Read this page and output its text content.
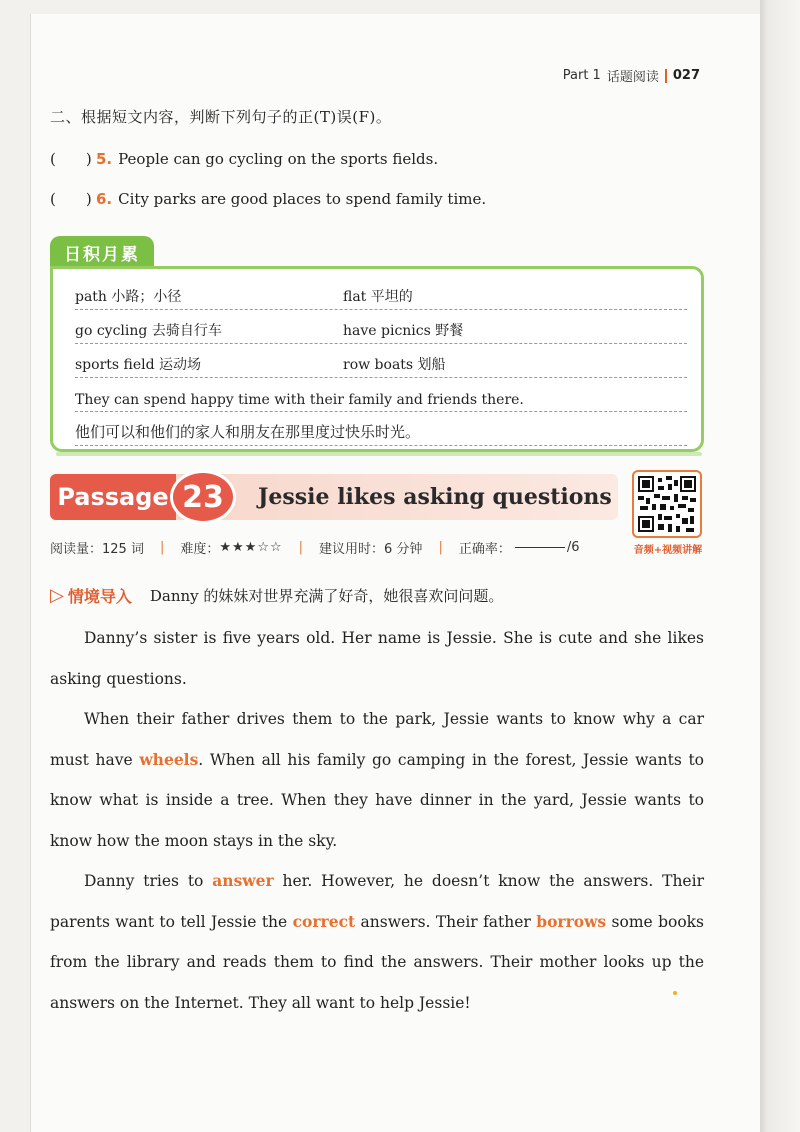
Part 1 话题阅读 027
二、根据短文内容，判断下列句子的正(T)误(F)。
(　　) 5. People can go cycling on the sports fields.
(　　) 6. City parks are good places to spend family time.
日积月累
path 小路；小径	flat 平坦的
go cycling 去骑自行车	have picnics 野餐
sports field 运动场	row boats 划船
They can spend happy time with their family and friends there.
他们可以和他们的家人和朋友在那里度过快乐时光。
Passage 23	Jessie likes asking questions
音频+视频讲解
阅读量：125 词 | 难度： ★★★☆☆ | 建议用时：6 分钟 | 正确率：	/6
▷ 情境导入 Danny 的妹妹对世界充满了好奇，她很喜欢问问题。

Danny’s sister is five years old. Her name is Jessie. She is cute and she likes asking questions.

When their father drives them to the park, Jessie wants to know why a car must have wheels. When all his family go camping in the forest, Jessie wants to know what is inside a tree. When they have dinner in the yard, Jessie wants to know how the moon stays in the sky.

Danny tries to answer her. However, he doesn’t know the answers. Their parents want to tell Jessie the correct answers. Their father borrows some books from the library and reads them to find the answers. Their mother looks up the answers on the Internet. They all want to help Jessie!
